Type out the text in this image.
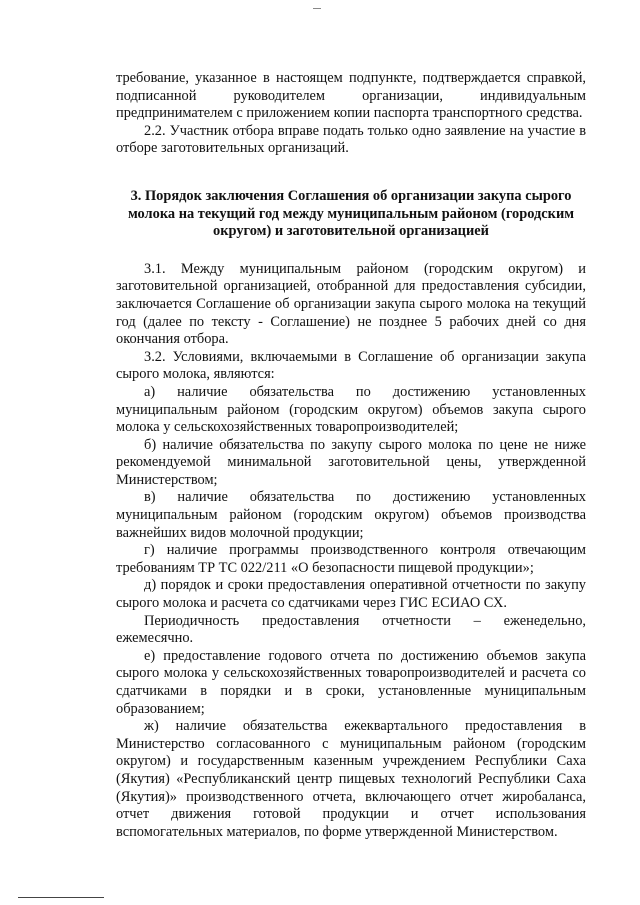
требование, указанное в настоящем подпункте, подтверждается справкой, подписанной руководителем организации, индивидуальным предпринимателем с приложением копии паспорта транспортного средства.

2.2. Участник отбора вправе подать только одно заявление на участие в отборе заготовительных организаций.

3. Порядок заключения Соглашения об организации закупа сырого молока на текущий год между муниципальным районом (городским округом) и заготовительной организацией

3.1. Между муниципальным районом (городским округом) и заготовительной организацией, отобранной для предоставления субсидии, заключается Соглашение об организации закупа сырого молока на текущий год (далее по тексту - Соглашение) не позднее 5 рабочих дней со дня окончания отбора.

3.2. Условиями, включаемыми в Соглашение об организации закупа сырого молока, являются:

а) наличие обязательства по достижению установленных муниципальным районом (городским округом) объемов закупа сырого молока у сельскохозяйственных товаропроизводителей;

б) наличие обязательства по закупу сырого молока по цене не ниже рекомендуемой минимальной заготовительной цены, утвержденной Министерством;

в) наличие обязательства по достижению установленных муниципальным районом (городским округом) объемов производства важнейших видов молочной продукции;

г) наличие программы производственного контроля отвечающим требованиям ТР ТС 022/211 «О безопасности пищевой продукции»;

д) порядок и сроки предоставления оперативной отчетности по закупу сырого молока и расчета со сдатчиками через ГИС ЕСИАО СХ.

Периодичность предоставления отчетности – еженедельно, ежемесячно.

е) предоставление годового отчета по достижению объемов закупа сырого молока у сельскохозяйственных товаропроизводителей и расчета со сдатчиками в порядки и в сроки, установленные муниципальным образованием;

ж) наличие обязательства ежеквартального предоставления в Министерство согласованного с муниципальным районом (городским округом) и государственным казенным учреждением Республики Саха (Якутия) «Республиканский центр пищевых технологий Республики Саха (Якутия)» производственного отчета, включающего отчет жиробаланса, отчет движения готовой продукции и отчет использования вспомогательных материалов, по форме утвержденной Министерством.
